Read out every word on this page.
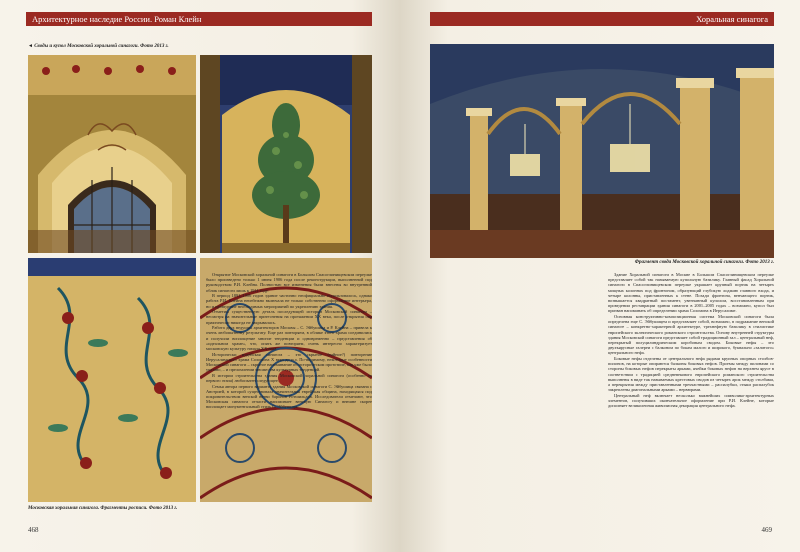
Архитектурное наследие России. Роман Клейн
◄ Своды и купол Московской хоральной синагоги. Фото 2013 г.
Московская хоральная синагога. Фрагменты росписи. Фото 2013 г.
468
Хоральная синагога
Фрагмент свода Московской хоральной синагоги. Фото 2013 г.
469

Открытие Московской хоральной синагоги в Большом Спасоглинищевском переулке было произведено только 1 июня 1906 года после реконструкции, выполненной под руководством Р.И. Клейна. Полностью все изменения были внесены во внутренний облик синагоги лишь к 1911 году.

В период 1891–1906 годов здание частично неофициально использовалось, однако работа Р.И. Клейна неизбежно включала не только собственно оформление интерьера, но и проведение необходимых мероприятий по укреплению здания.

Отметим существенную деталь последующей истории Московской синагоги – несмотря на значительные притеснения на протяжении XX века, после открытия она практически никогда не закрывалась.

Работа двух ведущих архитекторов Москвы – С. Эйбушица и Р. Клейна – привела к очень любопытному результату. Еще раз повторяем, в облике этого храма соединились и получили воплощение многие тенденции и одновременно – представления об «идеальном храме», что, опять же повторяем, очень интересно характеризует московскую культуру начала XX века.

Исторически иудейская синагога – это скрытое (тайное?) повторение Иерусалимского храма Соломона X века до н.э. По-видимому, некоторые особенности Московской синагоги – скрытое напоминание об историческом прототипе, как уже было указано, – и преломлении множества культурных тенденций.

В истории строительства здания Московской хоральной синагоги (особенно ее первого этапа) любопытен следующее.

Семья автора первого варианта здания Московской синагоги С. Эйбушица связана с Австрией, в которой существовала значительная еврейская община, находящаяся под покровительством венской ветви баронов Ротшильдов. Исследователи отмечают, что Московская синагога отчасти напоминает венскую Синагогу и внешне скорее воплощает монументальный стиль С. Эйбушица.

Здание Хоральной синагоги в Москве в Большом Спасоглинищевском переулке представляет собой так называемую купольную базилику. Главный фасад Хоральной синагоги в Спасоглинищевском переулке украшает крупный портик на четырех мощных колоннах под фронтоном, образующий глубокую лоджию главного входа, и четыре колонны, приставленных к стене. Позади фронтона, венчающего портик, возвышается квадратный постамент, увенчанный куполом, восстановленным при проведении реставрации здания синагоги в 2001–2005 годах – возможно, купол был призван напоминать об определении храма Соломона в Иерусалиме.

Основная конструктивно-композиционная система Московской синагоги была определена еще С. Эйбушицем и представляет собой, возможно, в подражание венской синагоге – конкретно-характерной архитектуре, трехнефную базилику в стилистике европейского эклектического романского строительства. Основу внутренней структуры здания Московской синагоги представляет собой традиционный зал – центральный неф, перекрытый полуцилиндрическим коробовым сводом. Боковые нефы – это двухъярусные галереи с балконом по бокам малого и широкого, буквально «залитого» центрального нефа.

Боковые нефы отделены от центрального нефа рядами крупных опорных столбов-пилонов, на которые опираются балконы боковых нефов. Проемы между пилонами со стороны боковых нефов перекрыты арками, ячейки боковых нефов на верхнем ярусе в соответствии с традицией средневекового европейского романского строительства выполнены в виде так называемых крестовых сводов из четырех арок между столбами, а перекрытия между приставленными трехчастными – распалубки, стыки распалубок закреплены диагональными арками – нервюрами.

Центральный неф включает несколько важнейших символико-архитектурных элементов, получивших окончательное оформление при Р.И. Клейне, которые дополняет великолепная живописная декорация центрального нефа.
